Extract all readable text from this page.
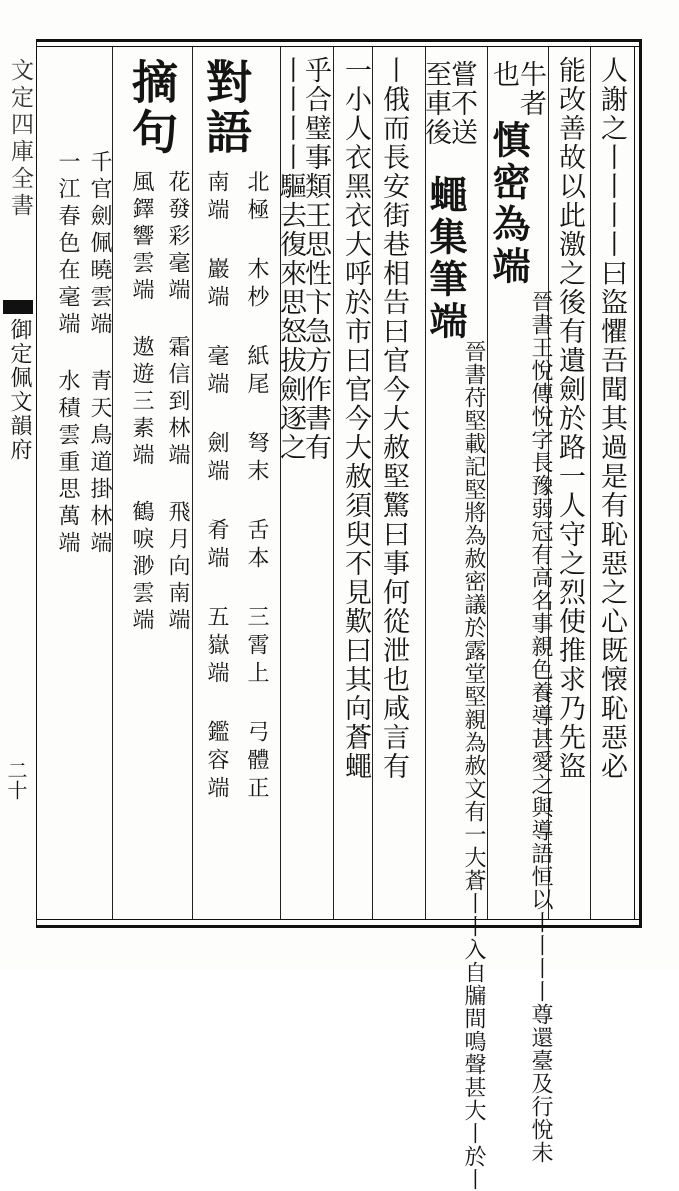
文定四庫全書
御定佩文韻府
二十	人謝之丨丨丨丨曰盜懼吾聞其過是有恥惡之心既懐恥惡必
能改善故以此激之後有遺劍於路一人守之烈使推求乃先盜
牛者
也
慎密為端
晉書王悅傳悅字長豫弱冠有高名事親色養導甚愛之與導語恒以丨丨丨丨尊還臺及行悅未
嘗不送
至車後
蠅集筆端
晉書苻堅載記堅將為赦密議於露堂堅親為赦文有一大蒼丨丨入自牖間鳴聲甚大丨於丨
丨俄而長安街巷相告曰官今大赦堅驚曰事何從泄也咸言有
一小人衣黑衣大呼於市曰官今大赦須臾不見歎曰其向蒼蠅
乎合璧事類王思性卞急方作書有
丨丨丨丨驅去復來思怒拔劍逐之
對語
北極 木杪 紙尾 弩末 舌本 三霄上 弓體正
南端 巖端 毫端 劍端 肴端 五嶽端 鑑容端
摘句
花發彩毫端 霜信到林端 飛月向南端
風鐸響雲端 遨遊三素端 鶴唳渺雲端
千官劍佩曉雲端 青天鳥道掛林端
一江春色在毫端 水積雲重思萬端
